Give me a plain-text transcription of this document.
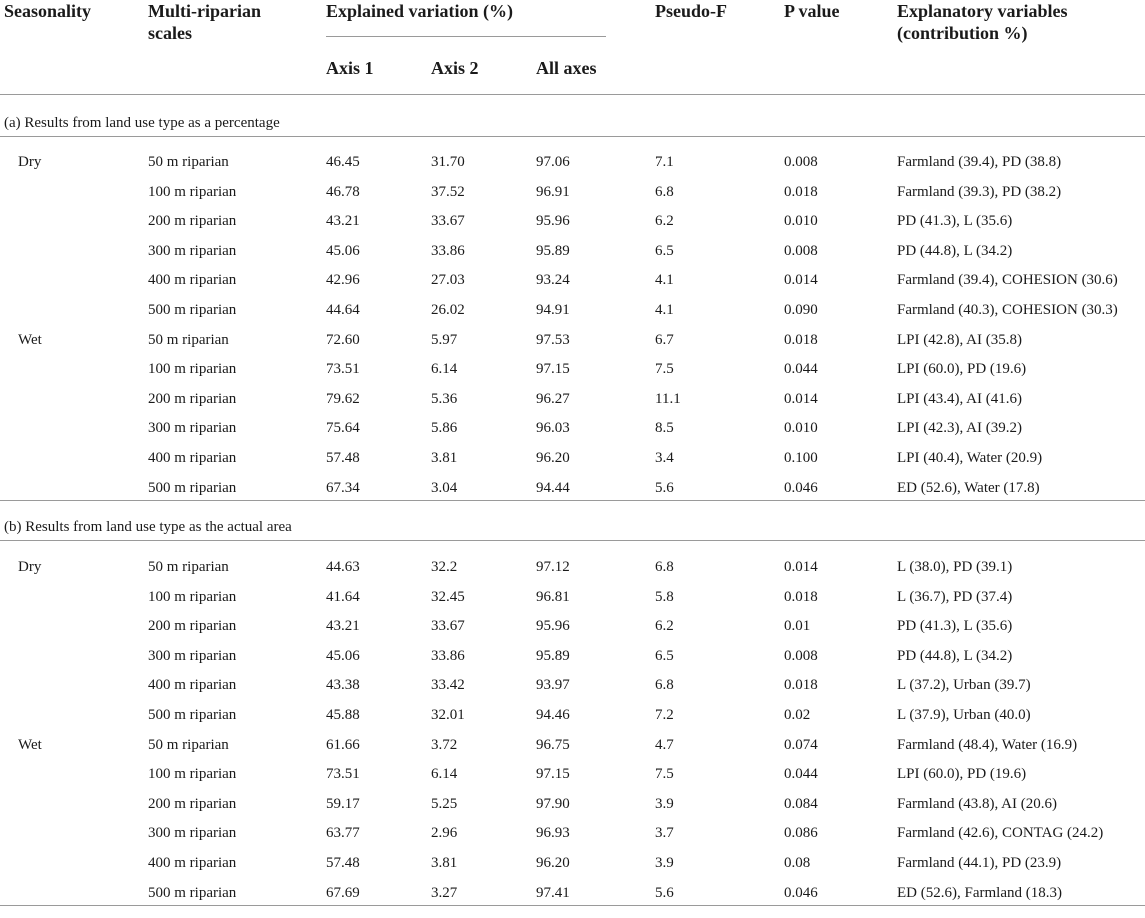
Seasonality	Multi-riparian
scales
Explained variation (%)
Axis 1	Axis 2	All axes
Pseudo-F	P value	Explanatory variables
(contribution %)
(a) Results from land use type as a percentage
Dry	50 m riparian	46.45	31.70	97.06	7.1	0.008	Farmland (39.4), PD (38.8)
100 m riparian	46.78	37.52	96.91	6.8	0.018	Farmland (39.3), PD (38.2)
200 m riparian	43.21	33.67	95.96	6.2	0.010	PD (41.3), L (35.6)
300 m riparian	45.06	33.86	95.89	6.5	0.008	PD (44.8), L (34.2)
400 m riparian	42.96	27.03	93.24	4.1	0.014	Farmland (39.4), COHESION (30.6)
500 m riparian	44.64	26.02	94.91	4.1	0.090	Farmland (40.3), COHESION (30.3)
Wet	50 m riparian	72.60	5.97	97.53	6.7	0.018	LPI (42.8), AI (35.8)
100 m riparian	73.51	6.14	97.15	7.5	0.044	LPI (60.0), PD (19.6)
200 m riparian	79.62	5.36	96.27	11.1	0.014	LPI (43.4), AI (41.6)
300 m riparian	75.64	5.86	96.03	8.5	0.010	LPI (42.3), AI (39.2)
400 m riparian	57.48	3.81	96.20	3.4	0.100	LPI (40.4), Water (20.9)
500 m riparian	67.34	3.04	94.44	5.6	0.046	ED (52.6), Water (17.8)
(b) Results from land use type as the actual area
Dry	50 m riparian	44.63	32.2	97.12	6.8	0.014	L (38.0), PD (39.1)
100 m riparian	41.64	32.45	96.81	5.8	0.018	L (36.7), PD (37.4)
200 m riparian	43.21	33.67	95.96	6.2	0.01	PD (41.3), L (35.6)
300 m riparian	45.06	33.86	95.89	6.5	0.008	PD (44.8), L (34.2)
400 m riparian	43.38	33.42	93.97	6.8	0.018	L (37.2), Urban (39.7)
500 m riparian	45.88	32.01	94.46	7.2	0.02	L (37.9), Urban (40.0)
Wet	50 m riparian	61.66	3.72	96.75	4.7	0.074	Farmland (48.4), Water (16.9)
100 m riparian	73.51	6.14	97.15	7.5	0.044	LPI (60.0), PD (19.6)
200 m riparian	59.17	5.25	97.90	3.9	0.084	Farmland (43.8), AI (20.6)
300 m riparian	63.77	2.96	96.93	3.7	0.086	Farmland (42.6), CONTAG (24.2)
400 m riparian	57.48	3.81	96.20	3.9	0.08	Farmland (44.1), PD (23.9)
500 m riparian	67.69	3.27	97.41	5.6	0.046	ED (52.6), Farmland (18.3)
